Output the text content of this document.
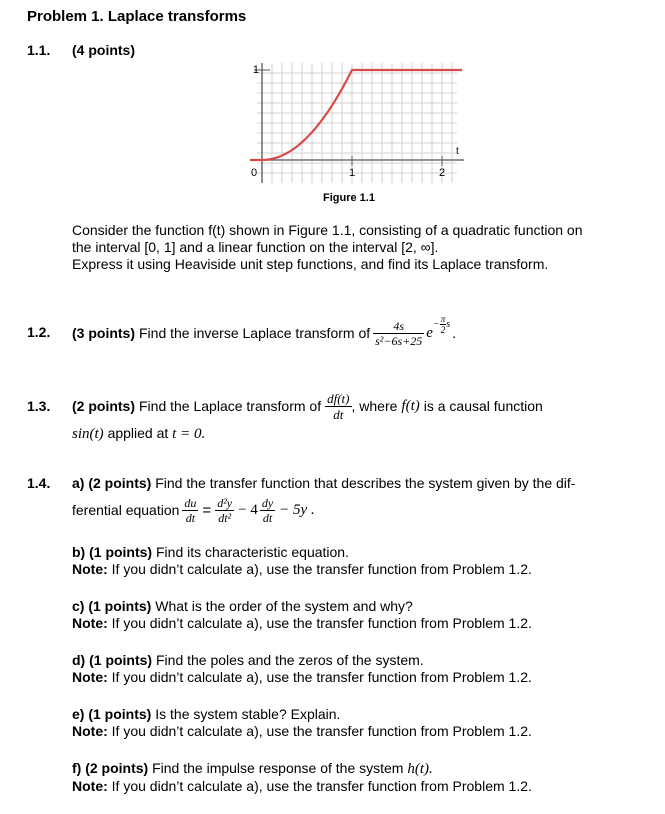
Problem 1. Laplace transforms
1.1. (4 points)
1
t
0	1	2
Figure 1.1
Consider the function f(t) shown in Figure 1.1, consisting of a quadratic function on
the interval [0, 1] and a linear function on the interval [2, ∞].
Express it using Heaviside unit step functions, and find its Laplace transform.
1.2. (3 points) Find the inverse Laplace transform of $\frac{4s}{\text{s²−6s+25}}$ e
− $\frac{\pi}{2}$ s
.
1.3. (2 points) Find the Laplace transform of $\frac{df(t)}{dt}$ , where f(t) is a causal function
sin(t) applied at t = 0.
1.4. a) (2 points) Find the transfer function that describes the system given by the dif-
ferential equation $\frac{du}{dt} = \frac{\text{d²y}}{\text{dt²}} - 4 \frac{dy}{dt} - 5y$ .
b) (1 points) Find its characteristic equation.
Note: If you didn’t calculate a), use the transfer function from Problem 1.2.
c) (1 points) What is the order of the system and why?
Note: If you didn’t calculate a), use the transfer function from Problem 1.2.
d) (1 points) Find the poles and the zeros of the system.
Note: If you didn’t calculate a), use the transfer function from Problem 1.2.
e) (1 points) Is the system stable? Explain.
Note: If you didn’t calculate a), use the transfer function from Problem 1.2.
f) (2 points) Find the impulse response of the system h(t).
Note: If you didn’t calculate a), use the transfer function from Problem 1.2.
